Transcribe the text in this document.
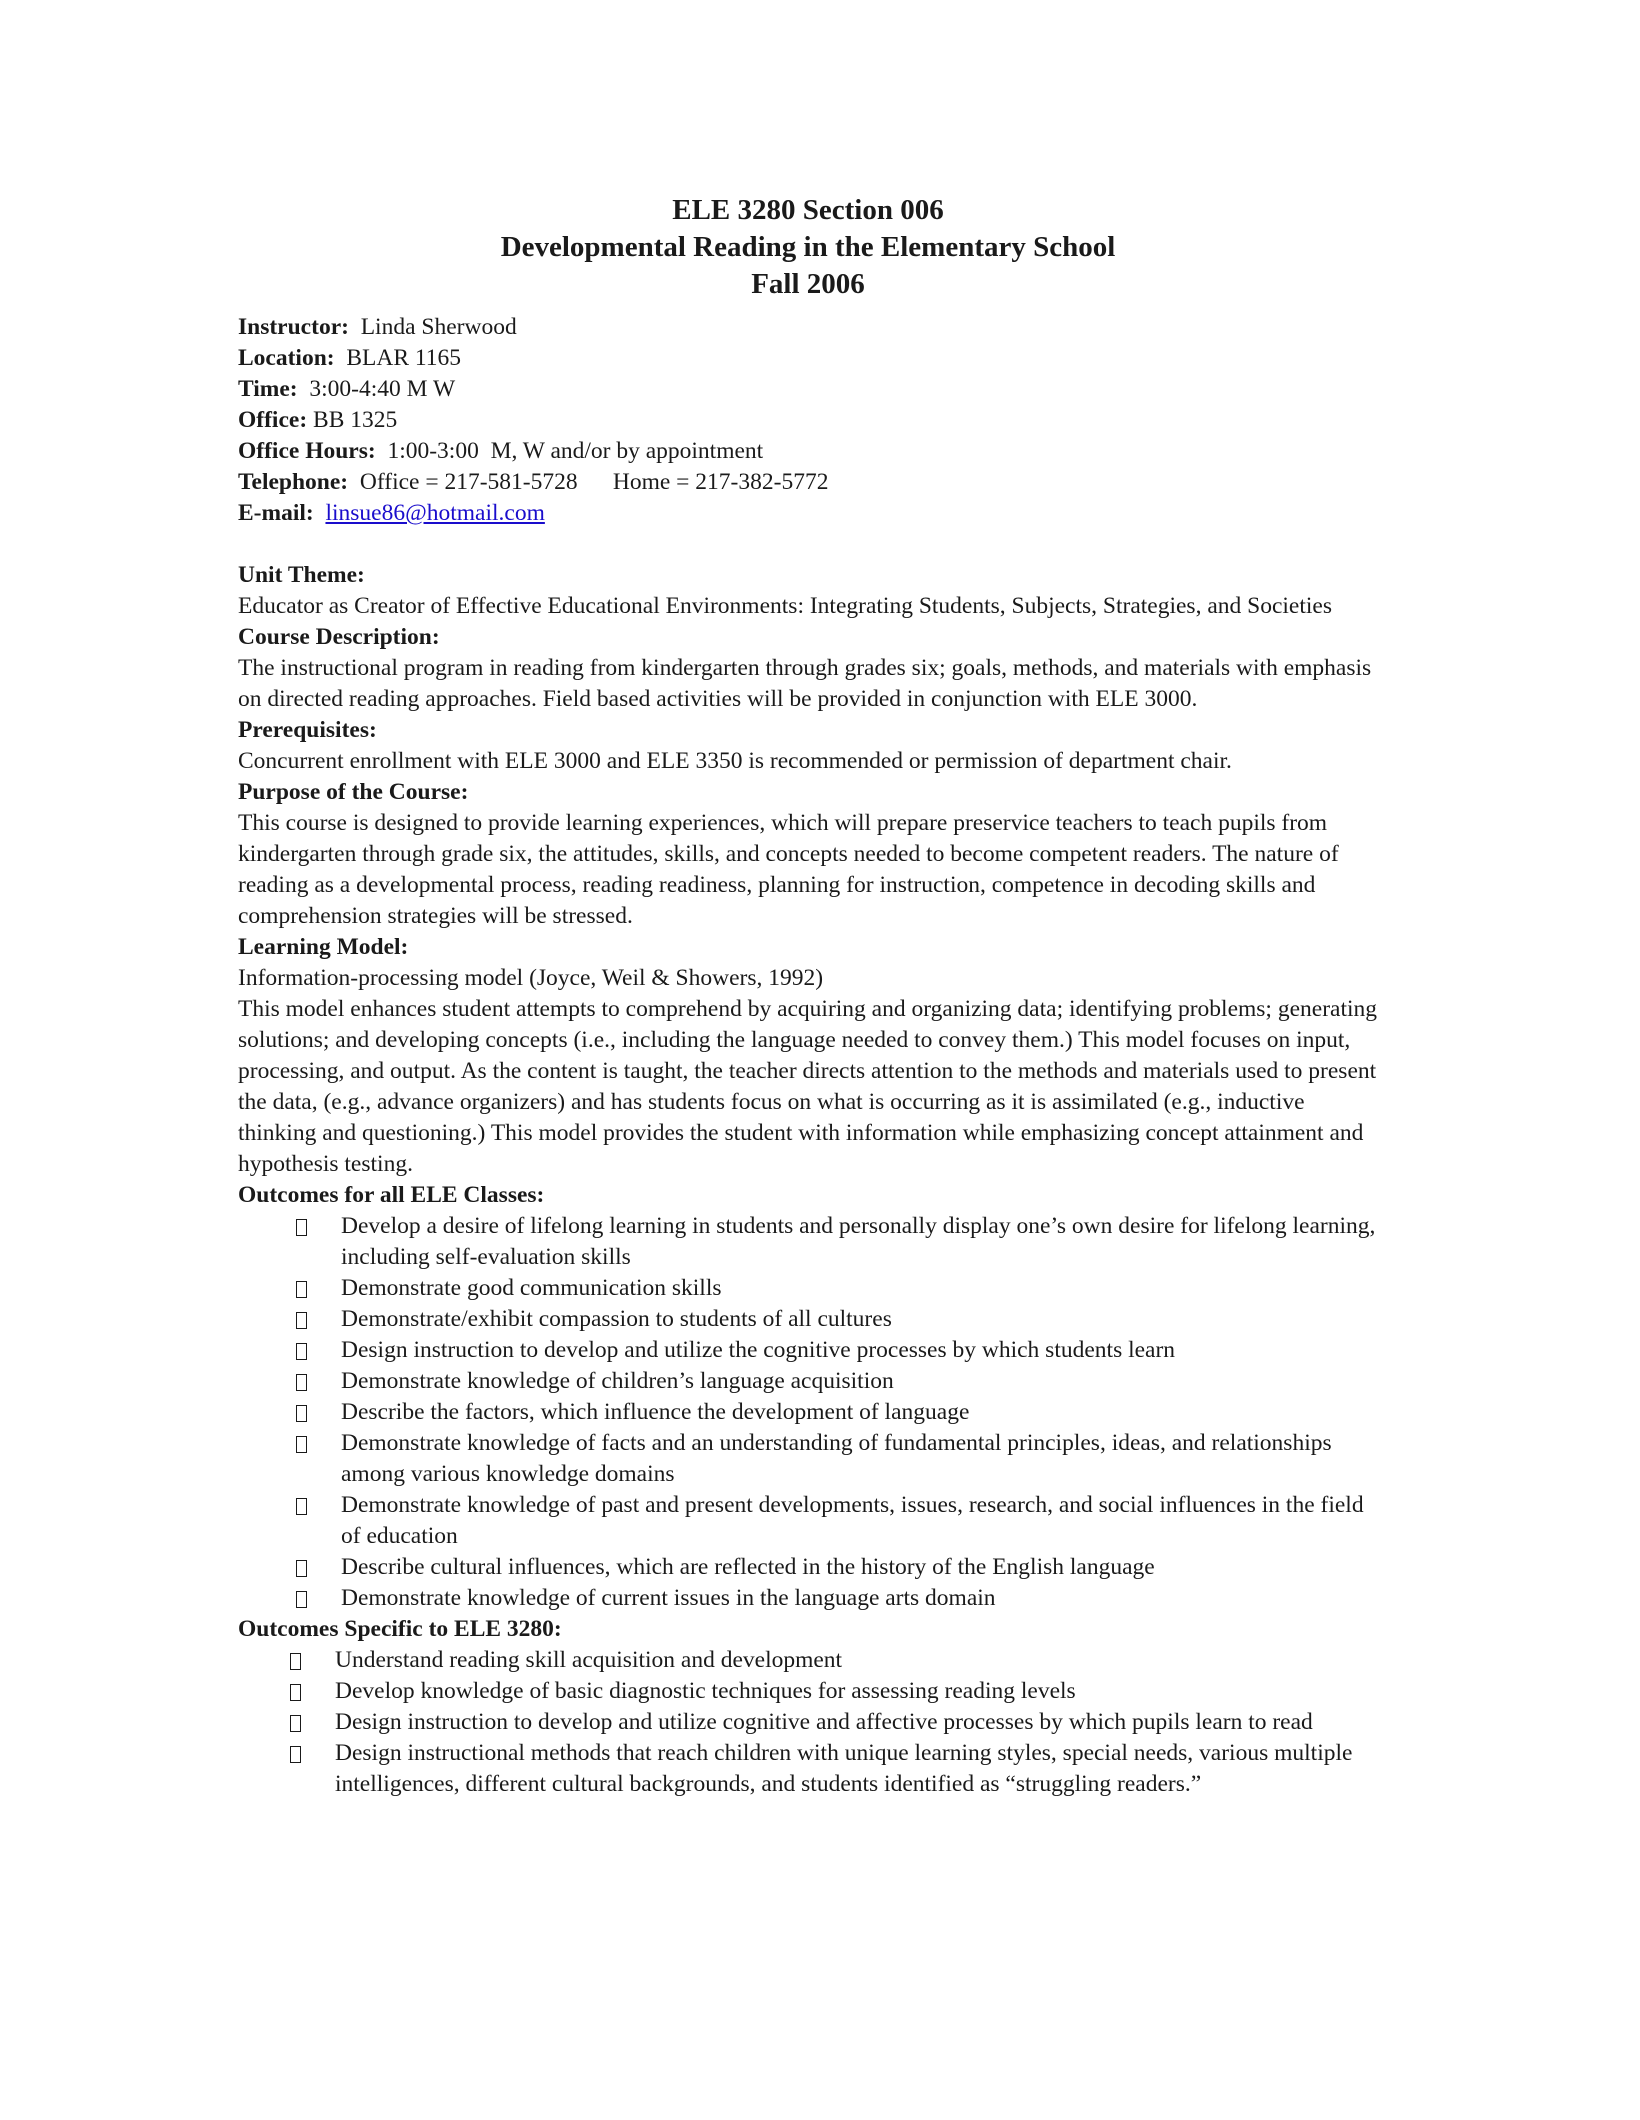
ELE 3280 Section 006
Developmental Reading in the Elementary School
Fall 2006
Instructor:  Linda Sherwood
Location:  BLAR 1165
Time:  3:00-4:40 M W
Office: BB 1325
Office Hours:  1:00-3:00  M, W and/or by appointment
Telephone:  Office = 217-581-5728      Home = 217-382-5772
E-mail: linsue86@hotmail.com
Unit Theme:
Educator as Creator of Effective Educational Environments: Integrating Students, Subjects, Strategies, and Societies
Course Description:
The instructional program in reading from kindergarten through grades six; goals, methods, and materials with emphasis on directed reading approaches. Field based activities will be provided in conjunction with ELE 3000.
Prerequisites:
Concurrent enrollment with ELE 3000 and ELE 3350 is recommended or permission of department chair.
Purpose of the Course:
This course is designed to provide learning experiences, which will prepare preservice teachers to teach pupils from kindergarten through grade six, the attitudes, skills, and concepts needed to become competent readers. The nature of reading as a developmental process, reading readiness, planning for instruction, competence in decoding skills and comprehension strategies will be stressed.
Learning Model:
Information-processing model (Joyce, Weil & Showers, 1992)
This model enhances student attempts to comprehend by acquiring and organizing data; identifying problems; generating solutions; and developing concepts (i.e., including the language needed to convey them.) This model focuses on input, processing, and output. As the content is taught, the teacher directs attention to the methods and materials used to present the data, (e.g., advance organizers) and has students focus on what is occurring as it is assimilated (e.g., inductive thinking and questioning.) This model provides the student with information while emphasizing concept attainment and hypothesis testing.
Outcomes for all ELE Classes:
Develop a desire of lifelong learning in students and personally display one’s own desire for lifelong learning, including self-evaluation skills
Demonstrate good communication skills
Demonstrate/exhibit compassion to students of all cultures
Design instruction to develop and utilize the cognitive processes by which students learn
Demonstrate knowledge of children’s language acquisition
Describe the factors, which influence the development of language
Demonstrate knowledge of facts and an understanding of fundamental principles, ideas, and relationships among various knowledge domains
Demonstrate knowledge of past and present developments, issues, research, and social influences in the field of education
Describe cultural influences, which are reflected in the history of the English language
Demonstrate knowledge of current issues in the language arts domain
Outcomes Specific to ELE 3280:
Understand reading skill acquisition and development
Develop knowledge of basic diagnostic techniques for assessing reading levels
Design instruction to develop and utilize cognitive and affective processes by which pupils learn to read
Design instructional methods that reach children with unique learning styles, special needs, various multiple intelligences, different cultural backgrounds, and students identified as “struggling readers.”
